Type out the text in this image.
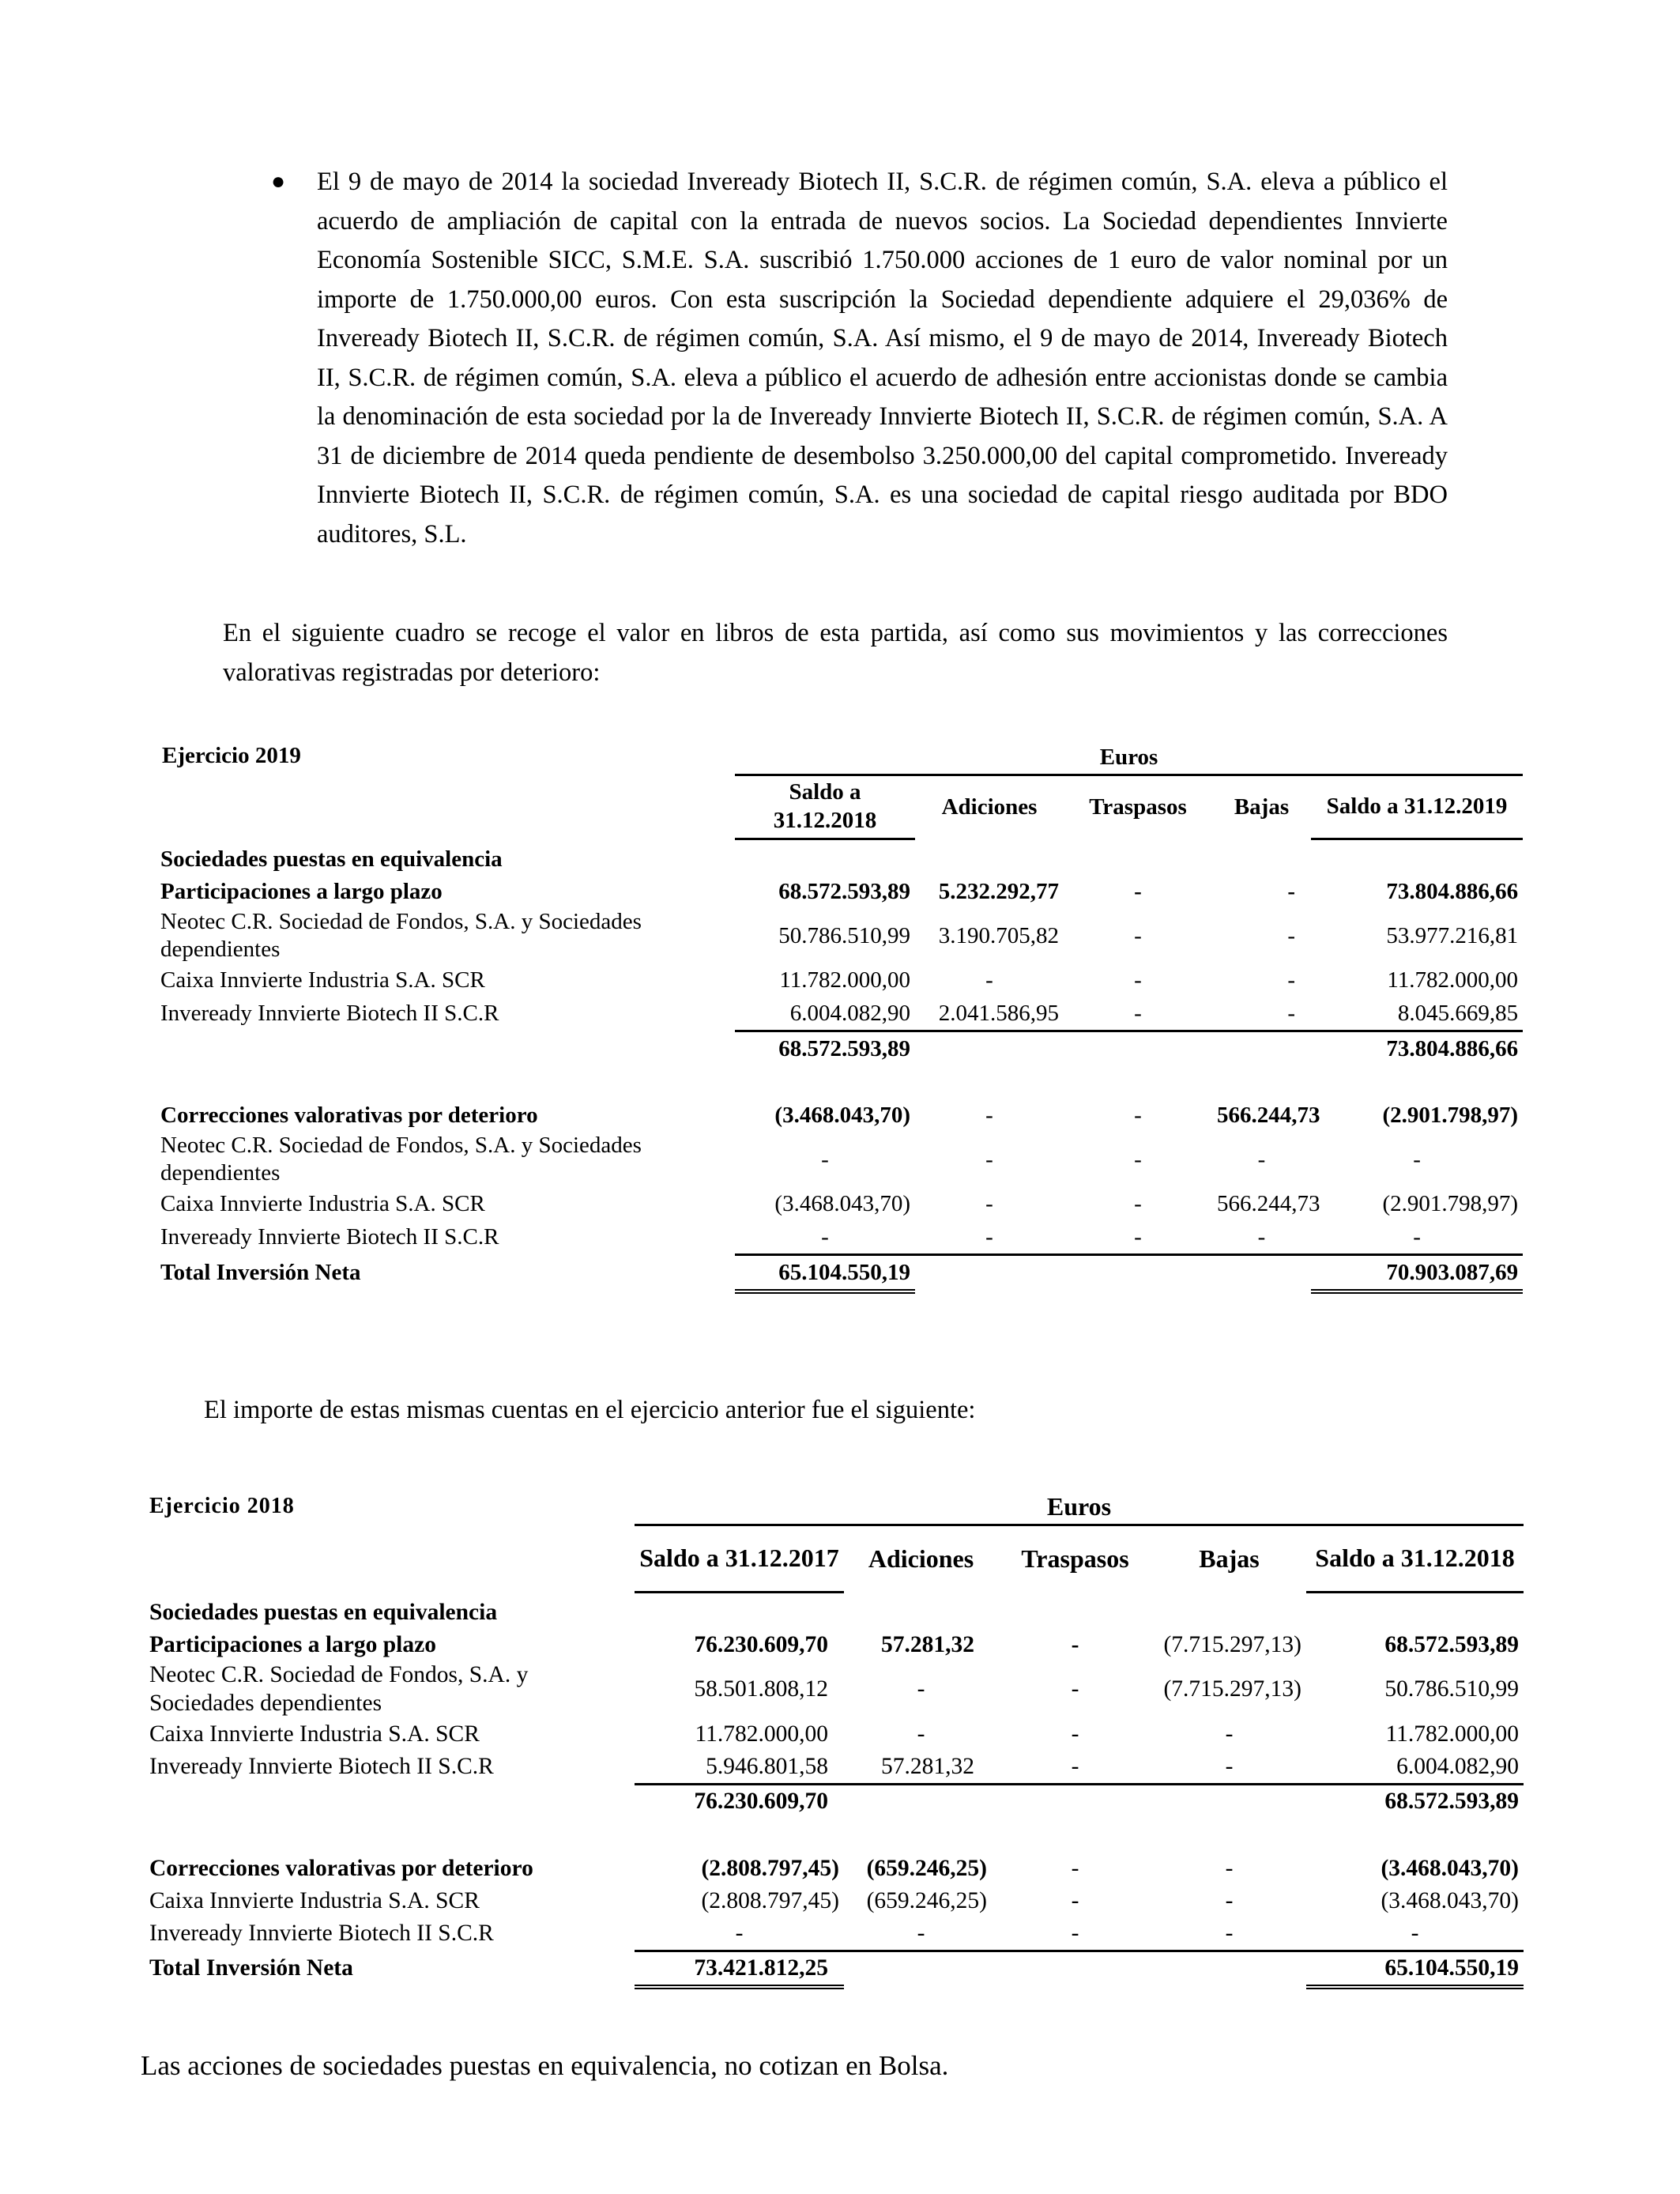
● El 9 de mayo de 2014 la sociedad Inveready Biotech II, S.C.R. de régimen común, S.A. eleva a público el acuerdo de ampliación de capital con la entrada de nuevos socios. La Sociedad dependientes Innvierte Economía Sostenible SICC, S.M.E. S.A. suscribió 1.750.000 acciones de 1 euro de valor nominal por un importe de 1.750.000,00 euros. Con esta suscripción la Sociedad dependiente adquiere el 29,036% de Inveready Biotech II, S.C.R. de régimen común, S.A. Así mismo, el 9 de mayo de 2014, Inveready Biotech II, S.C.R. de régimen común, S.A. eleva a público el acuerdo de adhesión entre accionistas donde se cambia la denominación de esta sociedad por la de Inveready Innvierte Biotech II, S.C.R. de régimen común, S.A. A 31 de diciembre de 2014 queda pendiente de desembolso 3.250.000,00 del capital comprometido. Inveready Innvierte Biotech II, S.C.R. de régimen común, S.A. es una sociedad de capital riesgo auditada por BDO auditores, S.L.
En el siguiente cuadro se recoge el valor en libros de esta partida, así como sus movimientos y las correcciones valorativas registradas por deterioro:
Ejercicio 2019
		Euros				
	Saldo a 31.12.2018	Adiciones	Traspasos	Bajas	Saldo a 31.12.2019
Sociedades puestas en equivalencia					
Participaciones a largo plazo	68.572.593,89	5.232.292,77	-	-	73.804.886,66
Neotec C.R. Sociedad de Fondos, S.A. y Sociedades dependientes	50.786.510,99	3.190.705,82	-	-	53.977.216,81
Caixa Innvierte Industria S.A. SCR	11.782.000,00	-	-	-	11.782.000,00
Inveready Innvierte Biotech II S.C.R	6.004.082,90	2.041.586,95	-	-	8.045.669,85
	68.572.593,89				73.804.886,66

Correcciones valorativas por deterioro	(3.468.043,70)	-	-	566.244,73	(2.901.798,97)
Neotec C.R. Sociedad de Fondos, S.A. y Sociedades dependientes	-	-	-	-	-
Caixa Innvierte Industria S.A. SCR	(3.468.043,70)	-	-	566.244,73	(2.901.798,97)
Inveready Innvierte Biotech II S.C.R	-	-	-	-	-
Total Inversión Neta	65.104.550,19				70.903.087,69
El importe de estas mismas cuentas en el ejercicio anterior fue el siguiente:
Ejercicio 2018
		Euros				
	Saldo a 31.12.2017	Adiciones	Traspasos	Bajas	Saldo a 31.12.2018
Sociedades puestas en equivalencia					
Participaciones a largo plazo	76.230.609,70	57.281,32	-	(7.715.297,13)	68.572.593,89
Neotec C.R. Sociedad de Fondos, S.A. y Sociedades dependientes	58.501.808,12	-	-	(7.715.297,13)	50.786.510,99
Caixa Innvierte Industria S.A. SCR	11.782.000,00	-	-	-	11.782.000,00
Inveready Innvierte Biotech II S.C.R	5.946.801,58	57.281,32	-	-	6.004.082,90
	76.230.609,70				68.572.593,89

Correcciones valorativas por deterioro	(2.808.797,45)	(659.246,25)	-	-	(3.468.043,70)
Caixa Innvierte Industria S.A. SCR	(2.808.797,45)	(659.246,25)	-	-	(3.468.043,70)
Inveready Innvierte Biotech II S.C.R	-	-	-	-	-
Total Inversión Neta	73.421.812,25				65.104.550,19
Las acciones de sociedades puestas en equivalencia, no cotizan en Bolsa.
